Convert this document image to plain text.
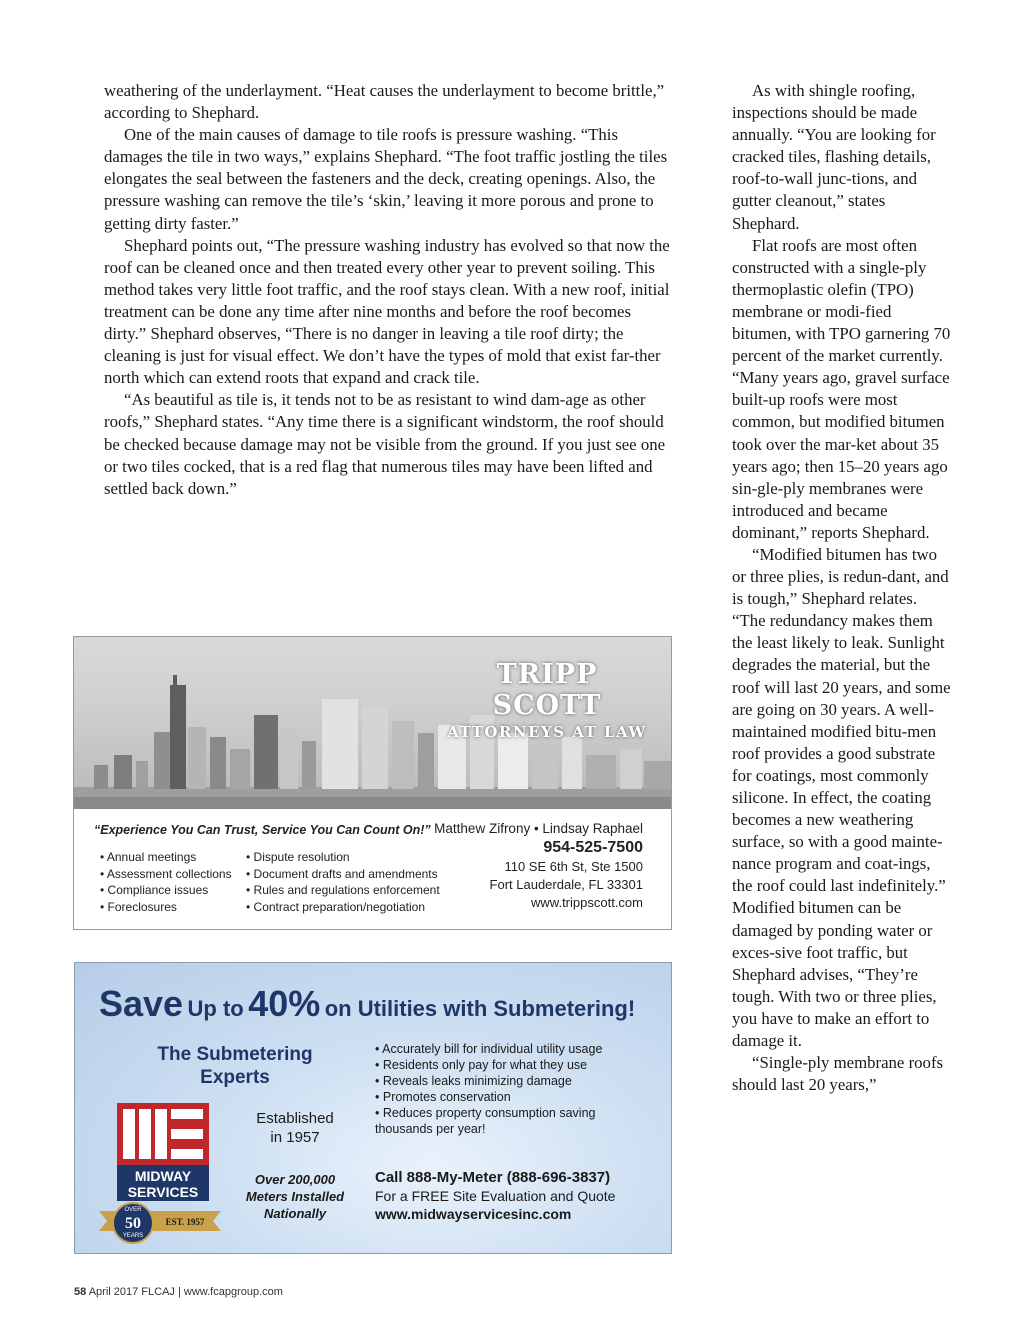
weathering of the underlayment. “Heat causes the underlayment to become brittle,” according to Shephard.

One of the main causes of damage to tile roofs is pressure washing. “This damages the tile in two ways,” explains Shephard. “The foot traffic jostling the tiles elongates the seal between the fasteners and the deck, creating openings. Also, the pressure washing can remove the tile’s ‘skin,’ leaving it more porous and prone to getting dirty faster.”

Shephard points out, “The pressure washing industry has evolved so that now the roof can be cleaned once and then treated every other year to prevent soiling. This method takes very little foot traffic, and the roof stays clean. With a new roof, initial treatment can be done any time after nine months and before the roof becomes dirty.” Shephard observes, “There is no danger in leaving a tile roof dirty; the cleaning is just for visual effect. We don’t have the types of mold that exist far-ther north which can extend roots that expand and crack tile.

“As beautiful as tile is, it tends not to be as resistant to wind dam-age as other roofs,” Shephard states. “Any time there is a significant windstorm, the roof should be checked because damage may not be visible from the ground. If you just see one or two tiles cocked, that is a red flag that numerous tiles may have been lifted and settled back down.”

As with shingle roofing, inspections should be made annually. “You are looking for cracked tiles, flashing details, roof-to-wall junc-tions, and gutter cleanout,” states Shephard.

Flat roofs are most often constructed with a single-ply thermoplastic olefin (TPO) membrane or modi-fied bitumen, with TPO garnering 70 percent of the market currently. “Many years ago, gravel surface built-up roofs were most common, but modified bitumen took over the mar-ket about 35 years ago; then 15–20 years ago sin-gle-ply membranes were introduced and became dominant,” reports Shephard.

“Modified bitumen has two or three plies, is redun-dant, and is tough,” Shephard relates. “The redundancy makes them the least likely to leak. Sunlight degrades the material, but the roof will last 20 years, and some are going on 30 years. A well-maintained modified bitu-men roof provides a good substrate for coatings, most commonly silicone. In effect, the coating becomes a new weathering surface, so with a good mainte-nance program and coat-ings, the roof could last indefinitely.” Modified bitumen can be damaged by ponding water or exces-sive foot traffic, but Shephard advises, “They’re tough. With two or three plies, you have to make an effort to damage it.

“Single-ply membrane roofs should last 20 years,”

TRIPP SCOTT
ATTORNEYS AT LAW
“Experience You Can Trust, Service You Can Count On!”
• Annual meetings
• Assessment collections
• Compliance issues
• Foreclosures
• Dispute resolution
• Document drafts and amendments
• Rules and regulations enforcement
• Contract preparation/negotiation
Matthew Zifrony • Lindsay Raphael
954-525-7500
110 SE 6th St, Ste 1500
Fort Lauderdale, FL 33301
www.trippscott.com
Save Up to 40% on Utilities with Submetering!
The Submetering
Experts
• Accurately bill for individual utility usage
• Residents only pay for what they use
• Reveals leaks minimizing damage
• Promotes conservation
• Reduces property consumption saving thousands per year!
Established
in 1957
Over 200,000
Meters Installed
Nationally
Call 888-My-Meter (888-696-3837)
For a FREE Site Evaluation and Quote
www.midwayservicesinc.com
MIDWAY
SERVICES
OVER
50
YEARS
EST. 1957
58 April 2017 FLCAJ | www.fcapgroup.com
